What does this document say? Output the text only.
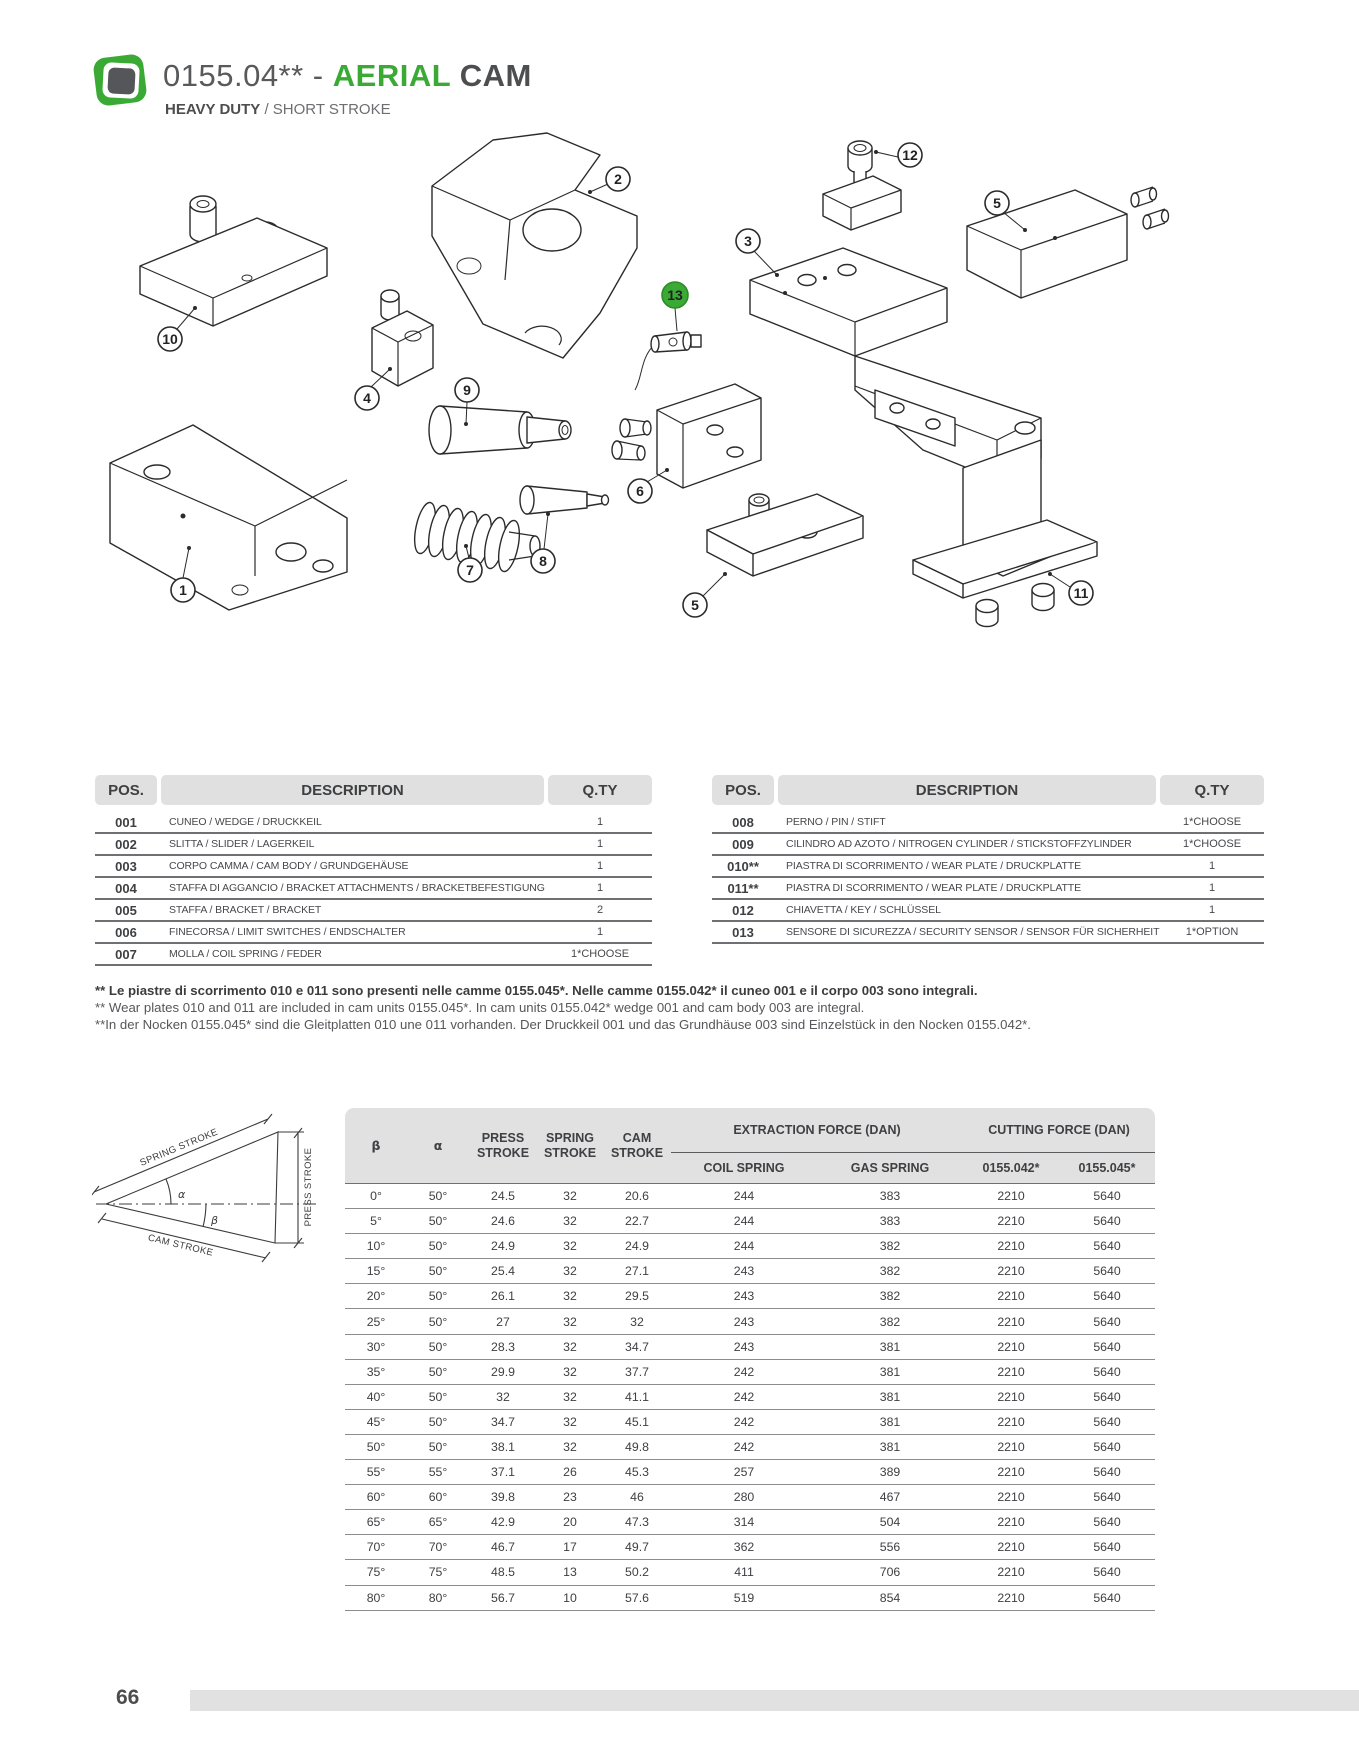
0155.04** - AERIAL CAM
HEAVY DUTY / SHORT STROKE
2
12
5
3
13
10
4	9
6
7
8
5
11
1
POS.	DESCRIPTION	Q.TY
001	CUNEO / WEDGE / DRUCKKEIL	1
002	SLITTA / SLIDER / LAGERKEIL	1
003	CORPO CAMMA / CAM BODY / GRUNDGEHÄUSE	1
004	STAFFA DI AGGANCIO / BRACKET ATTACHMENTS / BRACKETBEFESTIGUNG	1
005	STAFFA / BRACKET / BRACKET	2
006	FINECORSA / LIMIT SWITCHES / ENDSCHALTER	1
007	MOLLA / COIL SPRING / FEDER	1*CHOOSE
POS.	DESCRIPTION	Q.TY
008	PERNO / PIN / STIFT	1*CHOOSE
009	CILINDRO AD AZOTO / NITROGEN CYLINDER / STICKSTOFFZYLINDER	1*CHOOSE
010**	PIASTRA DI SCORRIMENTO / WEAR PLATE / DRUCKPLATTE	1
011**	PIASTRA DI SCORRIMENTO / WEAR PLATE / DRUCKPLATTE	1
012	CHIAVETTA / KEY / SCHLÜSSEL	1
013	SENSORE DI SICUREZZA / SECURITY SENSOR / SENSOR FÜR SICHERHEIT	1*OPTION
** Le piastre di scorrimento 010 e 011 sono presenti nelle camme 0155.045*. Nelle camme 0155.042* il cuneo 001 e il corpo 003 sono integrali.
** Wear plates 010 and 011 are included in cam units 0155.045*. In cam units 0155.042* wedge 001 and cam body 003 are integral.
**In der Nocken 0155.045* sind die Gleitplatten 010 une 011 vorhanden. Der Druckkeil 001 und das Grundhäuse 003 sind Einzelstück in den Nocken 0155.042*.
SPRING STROKE	PRESS STROKE
CAM STROKE
α
β
β	α	PRESS STROKE	SPRING STROKE	CAM STROKE	EXTRACTION FORCE (DAN)		CUTTING FORCE (DAN)	
					COIL SPRING	GAS SPRING	0155.042*	0155.045*
0°	50°	24.5	32	20.6	244	383	2210	5640
5°	50°	24.6	32	22.7	244	383	2210	5640
10°	50°	24.9	32	24.9	244	382	2210	5640
15°	50°	25.4	32	27.1	243	382	2210	5640
20°	50°	26.1	32	29.5	243	382	2210	5640
25°	50°	27	32	32	243	382	2210	5640
30°	50°	28.3	32	34.7	243	381	2210	5640
35°	50°	29.9	32	37.7	242	381	2210	5640
40°	50°	32	32	41.1	242	381	2210	5640
45°	50°	34.7	32	45.1	242	381	2210	5640
50°	50°	38.1	32	49.8	242	381	2210	5640
55°	55°	37.1	26	45.3	257	389	2210	5640
60°	60°	39.8	23	46	280	467	2210	5640
65°	65°	42.9	20	47.3	314	504	2210	5640
70°	70°	46.7	17	49.7	362	556	2210	5640
75°	75°	48.5	13	50.2	411	706	2210	5640
80°	80°	56.7	10	57.6	519	854	2210	5640
66
